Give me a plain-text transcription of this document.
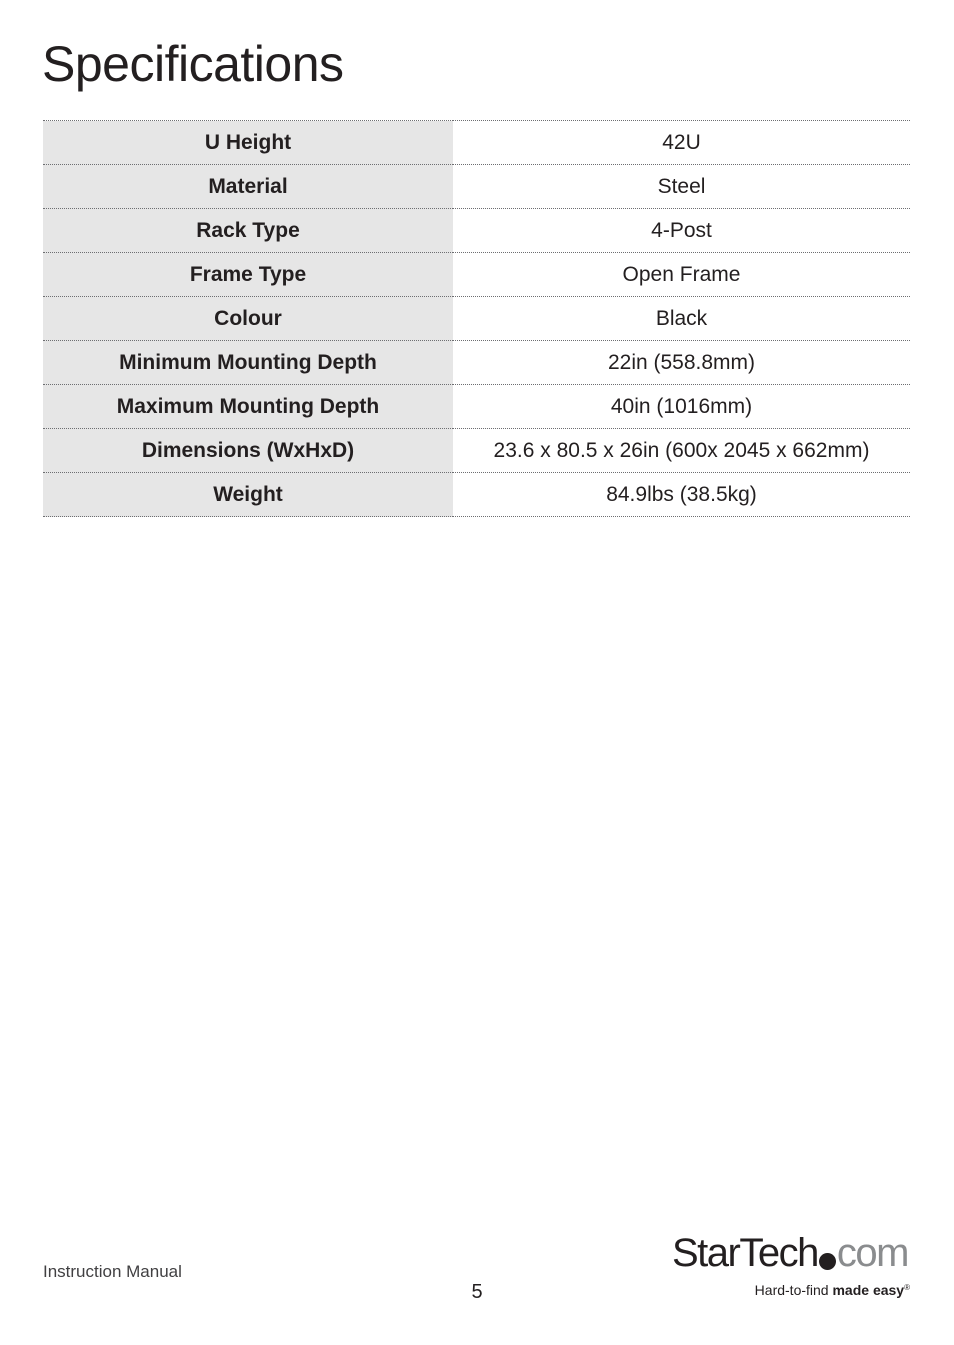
Specifications
U Height	42U
Material	Steel
Rack Type	4-Post
Frame Type	Open Frame
Colour	Black
Minimum Mounting Depth	22in (558.8mm)
Maximum Mounting Depth	40in (1016mm)
Dimensions (WxHxD)	23.6 x 80.5 x 26in (600x 2045 x 662mm)
Weight	84.9lbs (38.5kg)
Instruction Manual
5
StarTech com
Hard-to-find made easy®
